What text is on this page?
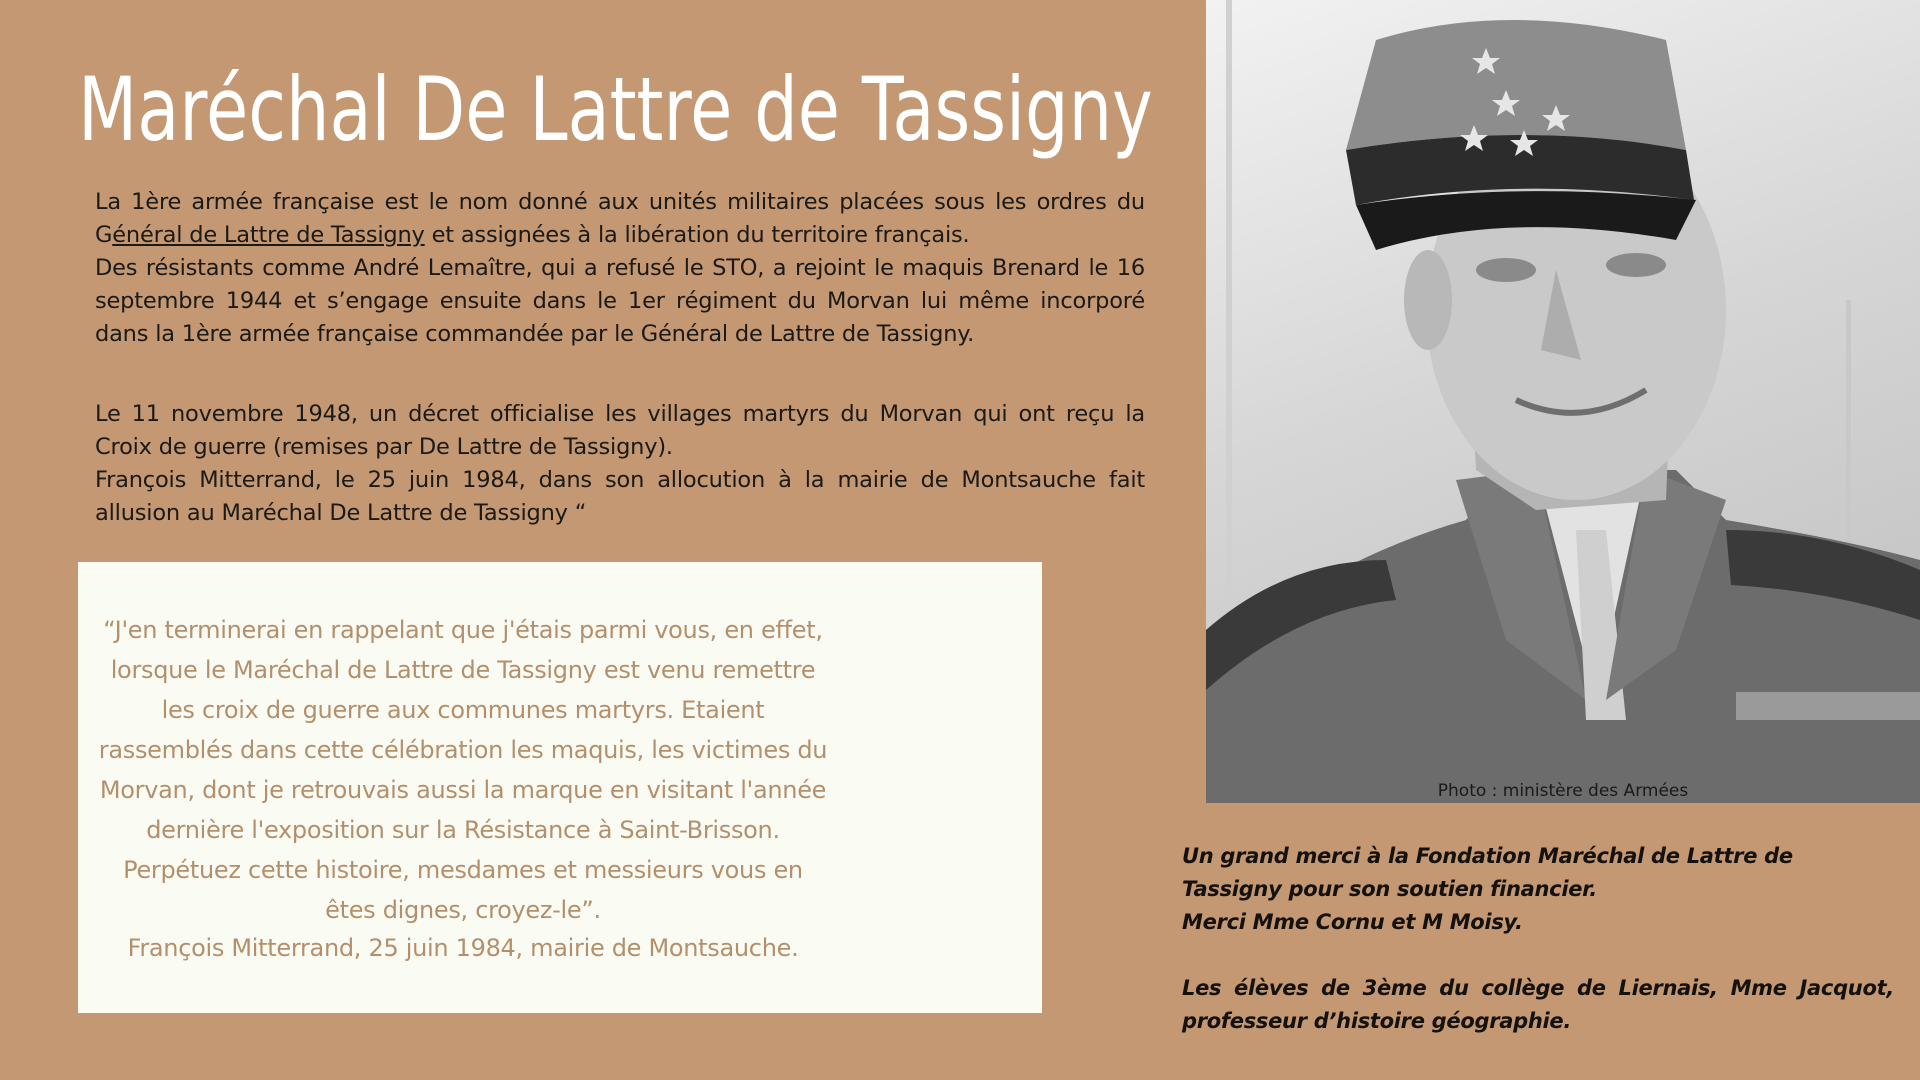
Maréchal De Lattre de Tassigny
La 1ère armée française est le nom donné aux unités militaires placées sous les ordres du Général de Lattre de Tassigny et assignées à la libération du territoire français.
Des résistants comme André Lemaître, qui a refusé le STO, a rejoint le maquis Brenard le 16 septembre 1944 et s’engage ensuite dans le 1er régiment du Morvan lui même incorporé dans la 1ère armée française commandée par le Général de Lattre de Tassigny.
Le 11 novembre 1948, un décret officialise les villages martyrs du Morvan qui ont reçu la Croix de guerre (remises par De Lattre de Tassigny).
François Mitterrand, le 25 juin 1984, dans son allocution à la mairie de Montsauche fait allusion au Maréchal De Lattre de Tassigny “

“J'en terminerai en rappelant que j'étais parmi vous, en effet, lorsque le Maréchal de Lattre de Tassigny est venu remettre les croix de guerre aux communes martyrs. Etaient rassemblés dans cette célébration les maquis, les victimes du Morvan, dont je retrouvais aussi la marque en visitant l'année dernière l'exposition sur la Résistance à Saint-Brisson. Perpétuez cette histoire, mesdames et messieurs vous en êtes dignes, croyez-le”.

François Mitterrand, 25 juin 1984, mairie de Montsauche.

Photo : ministère des Armées

Un grand merci à la Fondation Maréchal de Lattre de Tassigny pour son soutien financier.

Merci Mme Cornu et M Moisy.

Les élèves de 3ème du collège de Liernais, Mme Jacquot, professeur d’histoire géographie.
